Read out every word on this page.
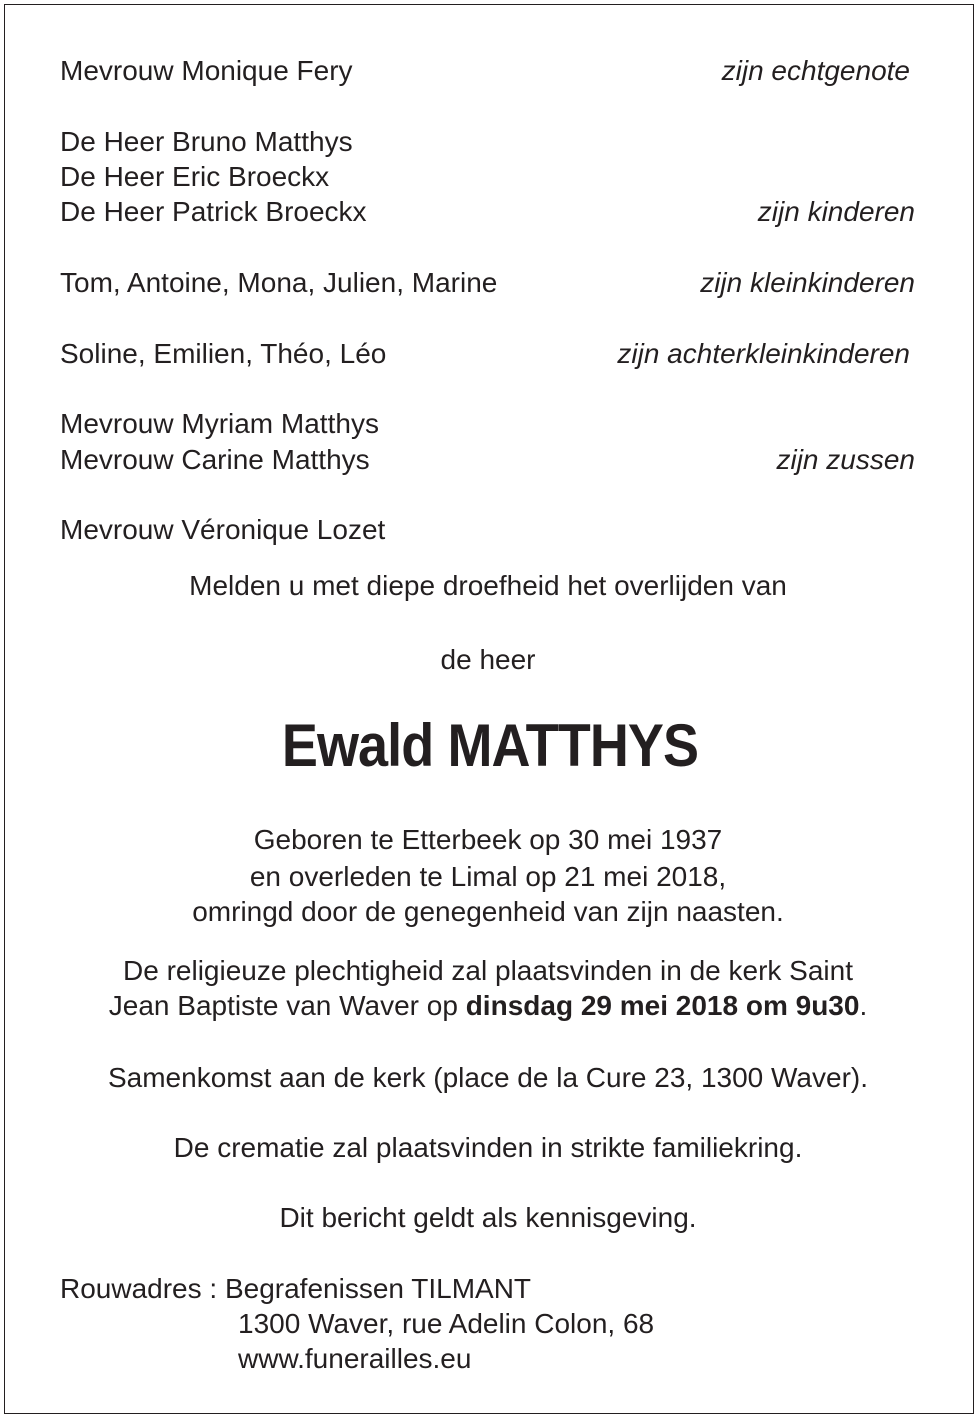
Mevrouw Monique Fery	zijn echtgenote
De Heer Bruno Matthys
De Heer Eric Broeckx
De Heer Patrick Broeckx	zijn kinderen
Tom, Antoine, Mona, Julien, Marine	zijn kleinkinderen
Soline, Emilien, Théo, Léo	zijn achterkleinkinderen
Mevrouw Myriam Matthys
Mevrouw Carine Matthys	zijn zussen
Mevrouw Véronique Lozet
Melden u met diepe droefheid het overlijden van
de heer
Ewald MATTHYS
Geboren te Etterbeek op 30 mei 1937
en overleden te Limal op 21 mei 2018,
omringd door de genegenheid van zijn naasten.
De religieuze plechtigheid zal plaatsvinden in de kerk Saint
Jean Baptiste van Waver op dinsdag 29 mei 2018 om 9u30.
Samenkomst aan de kerk (place de la Cure 23, 1300 Waver).
De crematie zal plaatsvinden in strikte familiekring.
Dit bericht geldt als kennisgeving.
Rouwadres : Begrafenissen TILMANT
1300 Waver, rue Adelin Colon, 68
www.funerailles.eu
